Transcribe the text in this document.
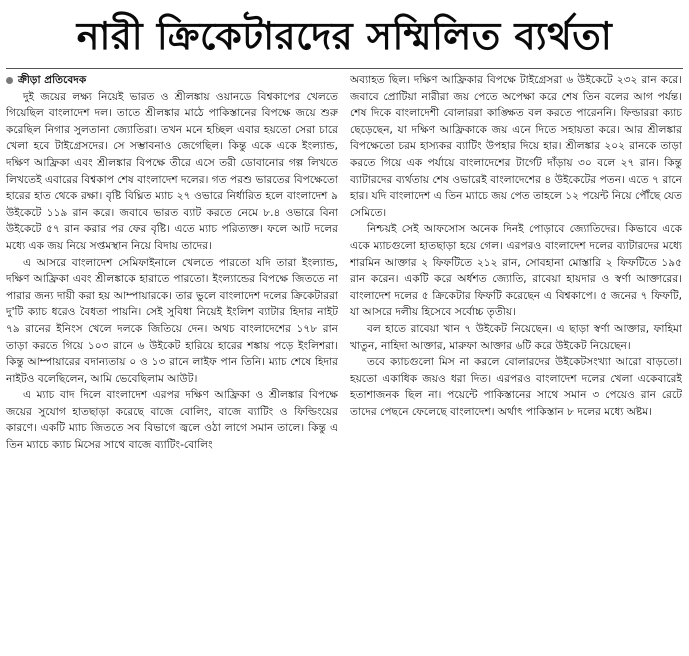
নারী ক্রিকেটারদের সম্মিলিত ব্যর্থতা
ক্রীড়া প্রতিবেদক

দুই জয়ের লক্ষ্য নিয়েই ভারত ও শ্রীলঙ্কায় ওয়ানডে বিশ্বকাপের খেলতে গিয়েছিল বাংলাদেশ দল। তাতে শ্রীলঙ্কার মাঠে পাকিস্তানের বিপক্ষে জয়ে শুরু করেছিল নিগার সুলতানা জ্যোতিরা। তখন মনে হচ্ছিল এবার হয়তো সেরা চারে খেলা হবে টাইগ্রেসদের। সে সম্ভাবনাও জেগেছিল। কিন্তু একে একে ইংল্যান্ড, দক্ষিণ আফ্রিকা এবং শ্রীলঙ্কার বিপক্ষে তীরে এসে তরী ডোবানোর গল্প লিখতে লিখতেই এবারের বিশ্বকাপ শেষ বাংলাদেশ দলের। গত পরশু ভারতের বিপক্ষেতো হারের হাত থেকে রক্ষা। বৃষ্টি বিঘ্নিত ম্যাচ ২৭ ওভারে নির্ধারিত হলে বাংলাদেশ ৯ উইকেটে ১১৯ রান করে। জবাবে ভারত ব্যাট করতে নেমে ৮.৪ ওভারে বিনা উইকেটে ৫৭ রান করার পর ফের বৃষ্টি। এতে ম্যাচ পরিত্যক্ত। ফলে আট দলের মধ্যে এক জয় নিয়ে সপ্তমস্থান নিয়ে বিদায় তাদের।

এ আসরে বাংলাদেশ সেমিফাইনালে খেলতে পারতো যদি তারা ইংল্যান্ড, দক্ষিণ আফ্রিকা এবং শ্রীলঙ্কাকে হারাতে পারতো। ইংল্যান্ডের বিপক্ষে জিততে না পারার জন্য দায়ী করা হয় আম্পায়ারকে। তার ভুলে বাংলাদেশ দলের ক্রিকেটাররা দু'টি ক্যাচ ধরেও বৈধতা পায়নি। সেই সুবিধা নিয়েই ইংলিশ ব্যাটার হিদার নাইট ৭৯ রানের ইনিংস খেলে দলকে জিতিয়ে দেন। অথচ বাংলাদেশের ১৭৮ রান তাড়া করতে গিয়ে ১০৩ রানে ৬ উইকেট হারিয়ে হারের শঙ্কায় পড়ে ইংলিশরা। কিন্তু আম্পায়ারের বদান্যতায় ০ ও ১৩ রানে লাইফ পান তিনি। ম্যাচ শেষে হিদার নাইটও বলেছিলেন, আমি ভেবেছিলাম আউট।

এ ম্যাচ বাদ দিলে বাংলাদেশ এরপর দক্ষিণ আফ্রিকা ও শ্রীলঙ্কার বিপক্ষে জয়ের সুযোগ হাতছাড়া করেছে বাজে বোলিং, বাজে ব্যাটিং ও ফিল্ডিংয়ের কারণে। একটি ম্যাচ জিততে সব বিভাগে জ্বলে ওঠা লাগে সমান তালে। কিন্তু এ তিন ম্যাচে ক্যাচ মিসের সাথে বাজে ব্যাটিং-বোলিং

অব্যাহত ছিল। দক্ষিণ আফ্রিকার বিপক্ষে টাইগ্রেসরা ৬ উইকেটে ২৩২ রান করে। জবাবে প্রোটিয়া নারীরা জয় পেতে অপেক্ষা করে শেষ তিন বলের আগ পর্যন্ত। শেষ দিকে বাংলাদেশী বোলাররা কাঙ্ক্ষিত বল করতে পারেননি। ফিল্ডাররা ক্যাচ ছেড়েছেন, যা দক্ষিণ আফ্রিকাকে জয় এনে দিতে সহায়তা করে। আর শ্রীলঙ্কার বিপক্ষেতো চরম হাস্যকর ব্যাটিং উপহার দিয়ে হার। শ্রীলঙ্কার ২০২ রানকে তাড়া করতে গিয়ে এক পর্যায়ে বাংলাদেশের টার্গেট দাঁড়ায় ৩০ বলে ২৭ রান। কিন্তু ব্যাটারদের ব্যর্থতায় শেষ ওভারেই বাংলাদেশের ৪ উইকেটের পতন। এতে ৭ রানে হার। যদি বাংলাদেশ এ তিন ম্যাচে জয় পেত তাহলে ১২ পয়েন্ট নিয়ে পৌঁছে যেত সেমিতে।

নিশ্চয়ই সেই আফসোস অনেক দিনই পোড়াবে জ্যোতিদের। কিভাবে একে একে ম্যাচগুলো হাতছাড়া হয়ে গেল। এরপরও বাংলাদেশ দলের ব্যাটারদের মধ্যে শারমিন আক্তার ২ ফিফটিতে ২১২ রান, সোবহানা মোস্তারি ২ ফিফটিতে ১৯৫ রান করেন। একটি করে অর্ধশত জ্যোতি, রাবেয়া হায়দার ও স্বর্ণা আক্তারের। বাংলাদেশ দলের ৫ ক্রিকেটার ফিফটি করেছেন এ বিশ্বকাপে। ৫ জনের ৭ ফিফটি, যা আসরে দলীয় হিসেবে সর্বোচ্চ তৃতীয়।

বল হাতে রাবেয়া খান ৭ উইকেট নিয়েছেন। এ ছাড়া স্বর্ণা আক্তার, ফাহিমা খাতুন, নাহিদা আক্তার, মারুফা আক্তার ৬টি করে উইকেট নিয়েছেন।

তবে ক্যাচগুলো মিস না করলে বোলারদের উইকেটসংখ্যা আরো বাড়তো। হয়তো একাধিক জয়ও ধরা দিত। এরপরও বাংলাদেশ দলের খেলা একেবারেই হতাশাজনক ছিল না। পয়েন্টে পাকিস্তানের সাথে সমান ৩ পেয়েও রান রেটে তাদের পেছনে ফেলেছে বাংলাদেশ। অর্থাৎ পাকিস্তান ৮ দলের মধ্যে অষ্টম।
